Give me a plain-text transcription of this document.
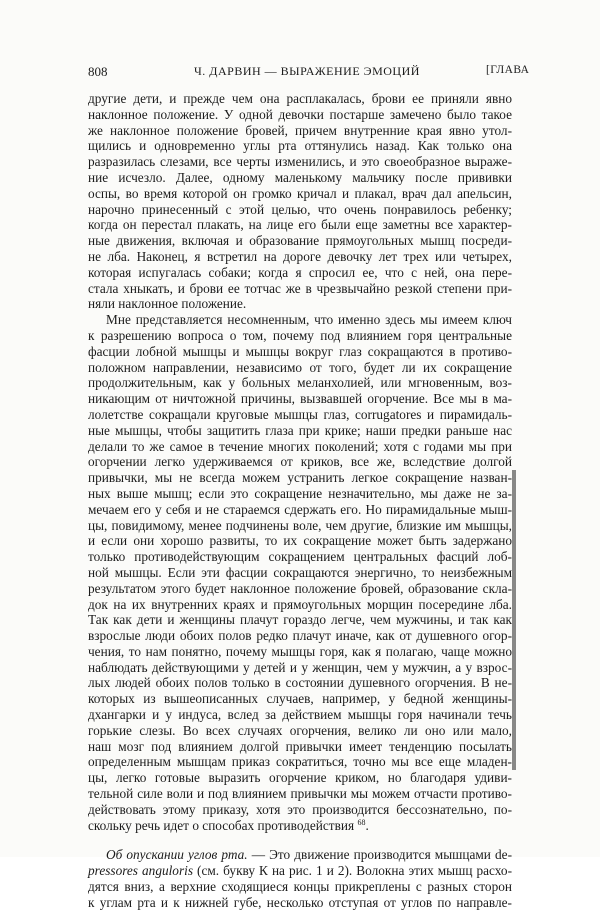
808	Ч. ДАРВИН — ВЫРАЖЕНИЕ ЭМОЦИЙ	[ГЛАВА
другие дети, и прежде чем она расплакалась, брови ее приняли явно
наклонное положение. У одной девочки постарше замечено было такое
же наклонное положение бровей, причем внутренние края явно утол-
щились и одновременно углы рта оттянулись назад. Как только она
разразилась слезами, все черты изменились, и это своеобразное выраже-
ние исчезло. Далее, одному маленькому мальчику после прививки
оспы, во время которой он громко кричал и плакал, врач дал апельсин,
нарочно принесенный с этой целью, что очень понравилось ребенку;
когда он перестал плакать, на лице его были еще заметны все характер-
ные движения, включая и образование прямоугольных мышц посреди-
не лба. Наконец, я встретил на дороге девочку лет трех или четырех,
которая испугалась собаки; когда я спросил ее, что с ней, она пере-
стала хныкать, и брови ее тотчас же в чрезвычайно резкой степени при-
няли наклонное положение.
Мне представляется несомненным, что именно здесь мы имеем ключ
к разрешению вопроса о том, почему под влиянием горя центральные
фасции лобной мышцы и мышцы вокруг глаз сокращаются в противо-
положном направлении, независимо от того, будет ли их сокращение
продолжительным, как у больных меланхолией, или мгновенным, воз-
никающим от ничтожной причины, вызвавшей огорчение. Все мы в ма-
лолетстве сокращали круговые мышцы глаз, corrugatores и пирамидаль-
ные мышцы, чтобы защитить глаза при крике; наши предки раньше нас
делали то же самое в течение многих поколений; хотя с годами мы при
огорчении легко удерживаемся от криков, все же, вследствие долгой
привычки, мы не всегда можем устранить легкое сокращение назван-
ных выше мышц; если это сокращение незначительно, мы даже не за-
мечаем его у себя и не стараемся сдержать его. Но пирамидальные мыш-
цы, повидимому, менее подчинены воле, чем другие, близкие им мышцы,
и если они хорошо развиты, то их сокращение может быть задержано
только противодействующим сокращением центральных фасций лоб-
ной мышцы. Если эти фасции сокращаются энергично, то неизбежным
результатом этого будет наклонное положение бровей, образование скла-
док на их внутренних краях и прямоугольных морщин посередине лба.
Так как дети и женщины плачут гораздо легче, чем мужчины, и так как
взрослые люди обоих полов редко плачут иначе, как от душевного огор-
чения, то нам понятно, почему мышцы горя, как я полагаю, чаще можно
наблюдать действующими у детей и у женщин, чем у мужчин, а у взрос-
лых людей обоих полов только в состоянии душевного огорчения. В не-
которых из вышеописанных случаев, например, у бедной женщины-
дхангарки и у индуса, вслед за действием мышцы горя начинали течь
горькие слезы. Во всех случаях огорчения, велико ли оно или мало,
наш мозг под влиянием долгой привычки имеет тенденцию посылать
определенным мышцам приказ сократиться, точно мы все еще младен-
цы, легко готовые выразить огорчение криком, но благодаря удиви-
тельной силе воли и под влиянием привычки мы можем отчасти противо-
действовать этому приказу, хотя это производится бессознательно, по-
скольку речь идет о способах противодействия $^{68}$.
Об опускании углов рта. — Это движение производится мышцами de-
pressores anguloris (см. букву К на рис. 1 и 2). Волокна этих мышц расхо-
дятся вниз, а верхние сходящиеся концы прикреплены с разных сторон
к углам рта и к нижней губе, несколько отступая от углов по направле-
